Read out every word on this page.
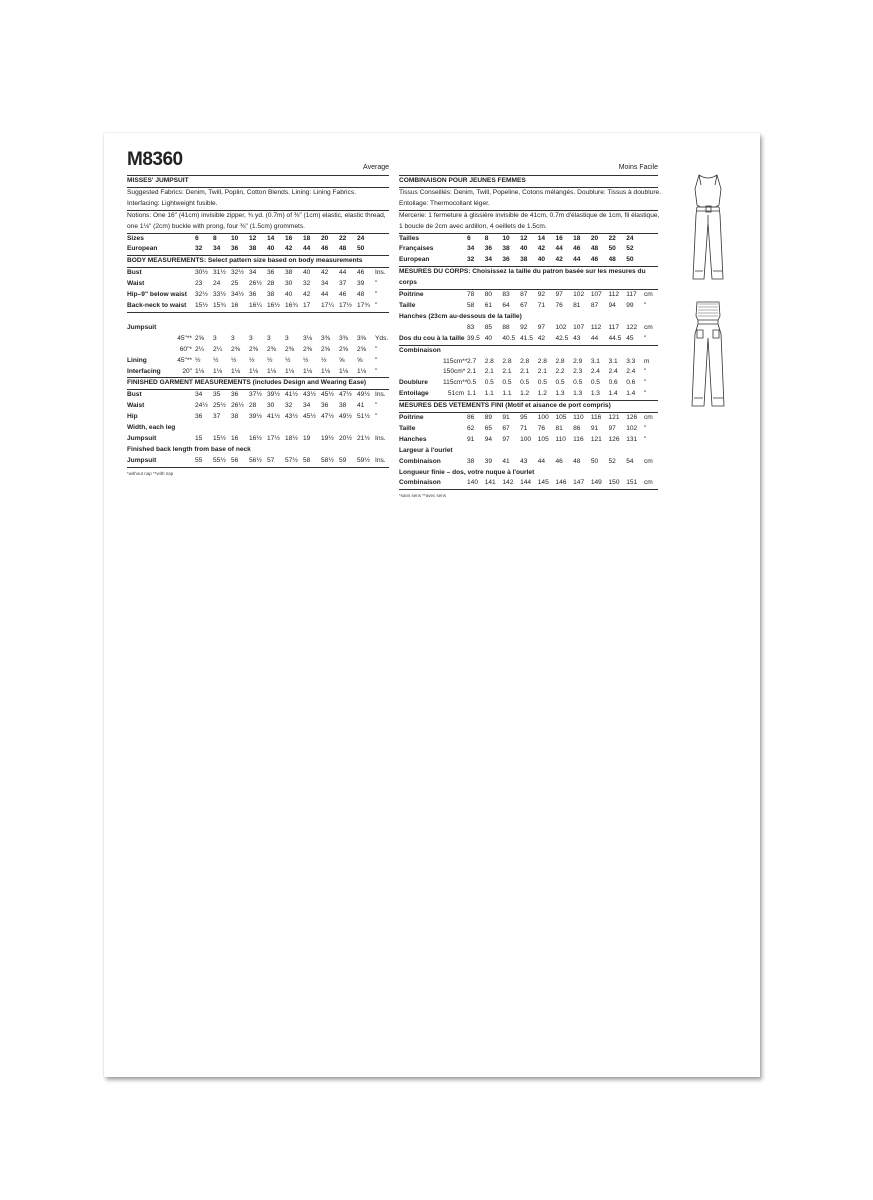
M8360	Average
MISSES' JUMPSUIT
Suggested Fabrics: Denim, Twill, Poplin, Cotton Blends. Lining: Lining Fabrics.
Interfacing: Lightweight fusible.
Notions: One 16" (41cm) invisible zipper, ¾ yd. (0.7m) of ⅜" (1cm) elastic, elastic thread,
one 1⅛" (2cm) buckle with prong, four ⅜" (1.5cm) grommets.
Sizes	6	8	10	12	14	16	18	20	22	24	
European	32	34	36	38	40	42	44	46	48	50	
BODY MEASUREMENTS: Select pattern size based on body measurements
Bust	30½	31½	32½	34	36	38	40	42	44	46	Ins.
Waist	23	24	25	26½	28	30	32	34	37	39	"
Hip–9" below waist	32½	33½	34½	36	38	40	42	44	46	48	"
Back-neck to waist	15½	15¾	16	16¼	16½	16¾	17	17¼	17½	17¾	"
Jumpsuit
	45"**	2⅝	3	3	3	3	3	3⅛	3⅜	3⅜	3⅝	Yds.
	60"*	2¼	2¼	2⅜	2⅜	2⅜	2⅜	2⅜	2⅝	2⅝	2⅝	"
Lining	45"**	½	½	½	½	½	½	½	½	⅝	⅝	"
Interfacing	20"	1⅛	1⅛	1⅛	1⅛	1⅛	1⅛	1⅛	1⅛	1⅛	1⅛	"
FINISHED GARMENT MEASUREMENTS (includes Design and Wearing Ease)
Bust	34	35	36	37½	39½	41½	43½	45½	47½	49½	Ins.
Waist	24½	25½	26½	28	30	32	34	36	38	41	"
Hip	36	37	38	39½	41½	43½	45½	47½	49½	51½	"
Width, each leg
Jumpsuit	15	15½	16	16½	17½	18½	19	19½	20½	21½	Ins.
Finished back length from base of neck
Jumpsuit	55	55½	56	56½	57	57½	58	58½	59	59½	Ins.
*without nap **with nap
Moins Facile
COMBINAISON POUR JEUNES FEMMES
Tissus Conseillés: Denim, Twill, Popeline, Cotons mélangés. Doublure: Tissus à doublure.
Entoilage: Thermocollant léger.
Mercerie: 1 fermeture à glissière invisible de 41cm, 0.7m d'élastique de 1cm, fil élastique,
1 boucle de 2cm avec ardillon, 4 oeillets de 1.5cm.
Tailles	6	8	10	12	14	16	18	20	22	24	
Françaises	34	36	38	40	42	44	46	48	50	52	
European	32	34	36	38	40	42	44	46	48	50	
MESURES DU CORPS: Choisissez la taille du patron basée sur les mesures du corps
Poitrine	78	80	83	87	92	97	102	107	112	117	cm
Taille	58	61	64	67	71	76	81	87	94	99	"
Hanches (23cm au-dessous de la taille)
	83	85	88	92	97	102	107	112	117	122	cm
Dos du cou à la taille	39.5	40	40.5	41.5	42	42.5	43	44	44.5	45	"
Combinaison
	115cm**	2.7	2.8	2.8	2.8	2.8	2.8	2.9	3.1	3.1	3.3	m
	150cm*	2.1	2.1	2.1	2.1	2.1	2.2	2.3	2.4	2.4	2.4	"
Doublure	115cm**	0.5	0.5	0.5	0.5	0.5	0.5	0.5	0.5	0.6	0.6	"
Entoilage	51cm	1.1	1.1	1.1	1.2	1.2	1.3	1.3	1.3	1.4	1.4	"
MESURES DES VETEMENTS FINI (Motif et aisance de port compris)
Poitrine	86	89	91	95	100	105	110	116	121	126	cm
Taille	62	65	67	71	76	81	86	91	97	102	"
Hanches	91	94	97	100	105	110	116	121	126	131	"
Largeur à l'ourlet
Combinaison	38	39	41	43	44	46	48	50	52	54	cm
Longueur finie – dos, votre nuque à l'ourlet
Combinaison	140	141	142	144	145	146	147	149	150	151	cm
*sans sens **avec sens
